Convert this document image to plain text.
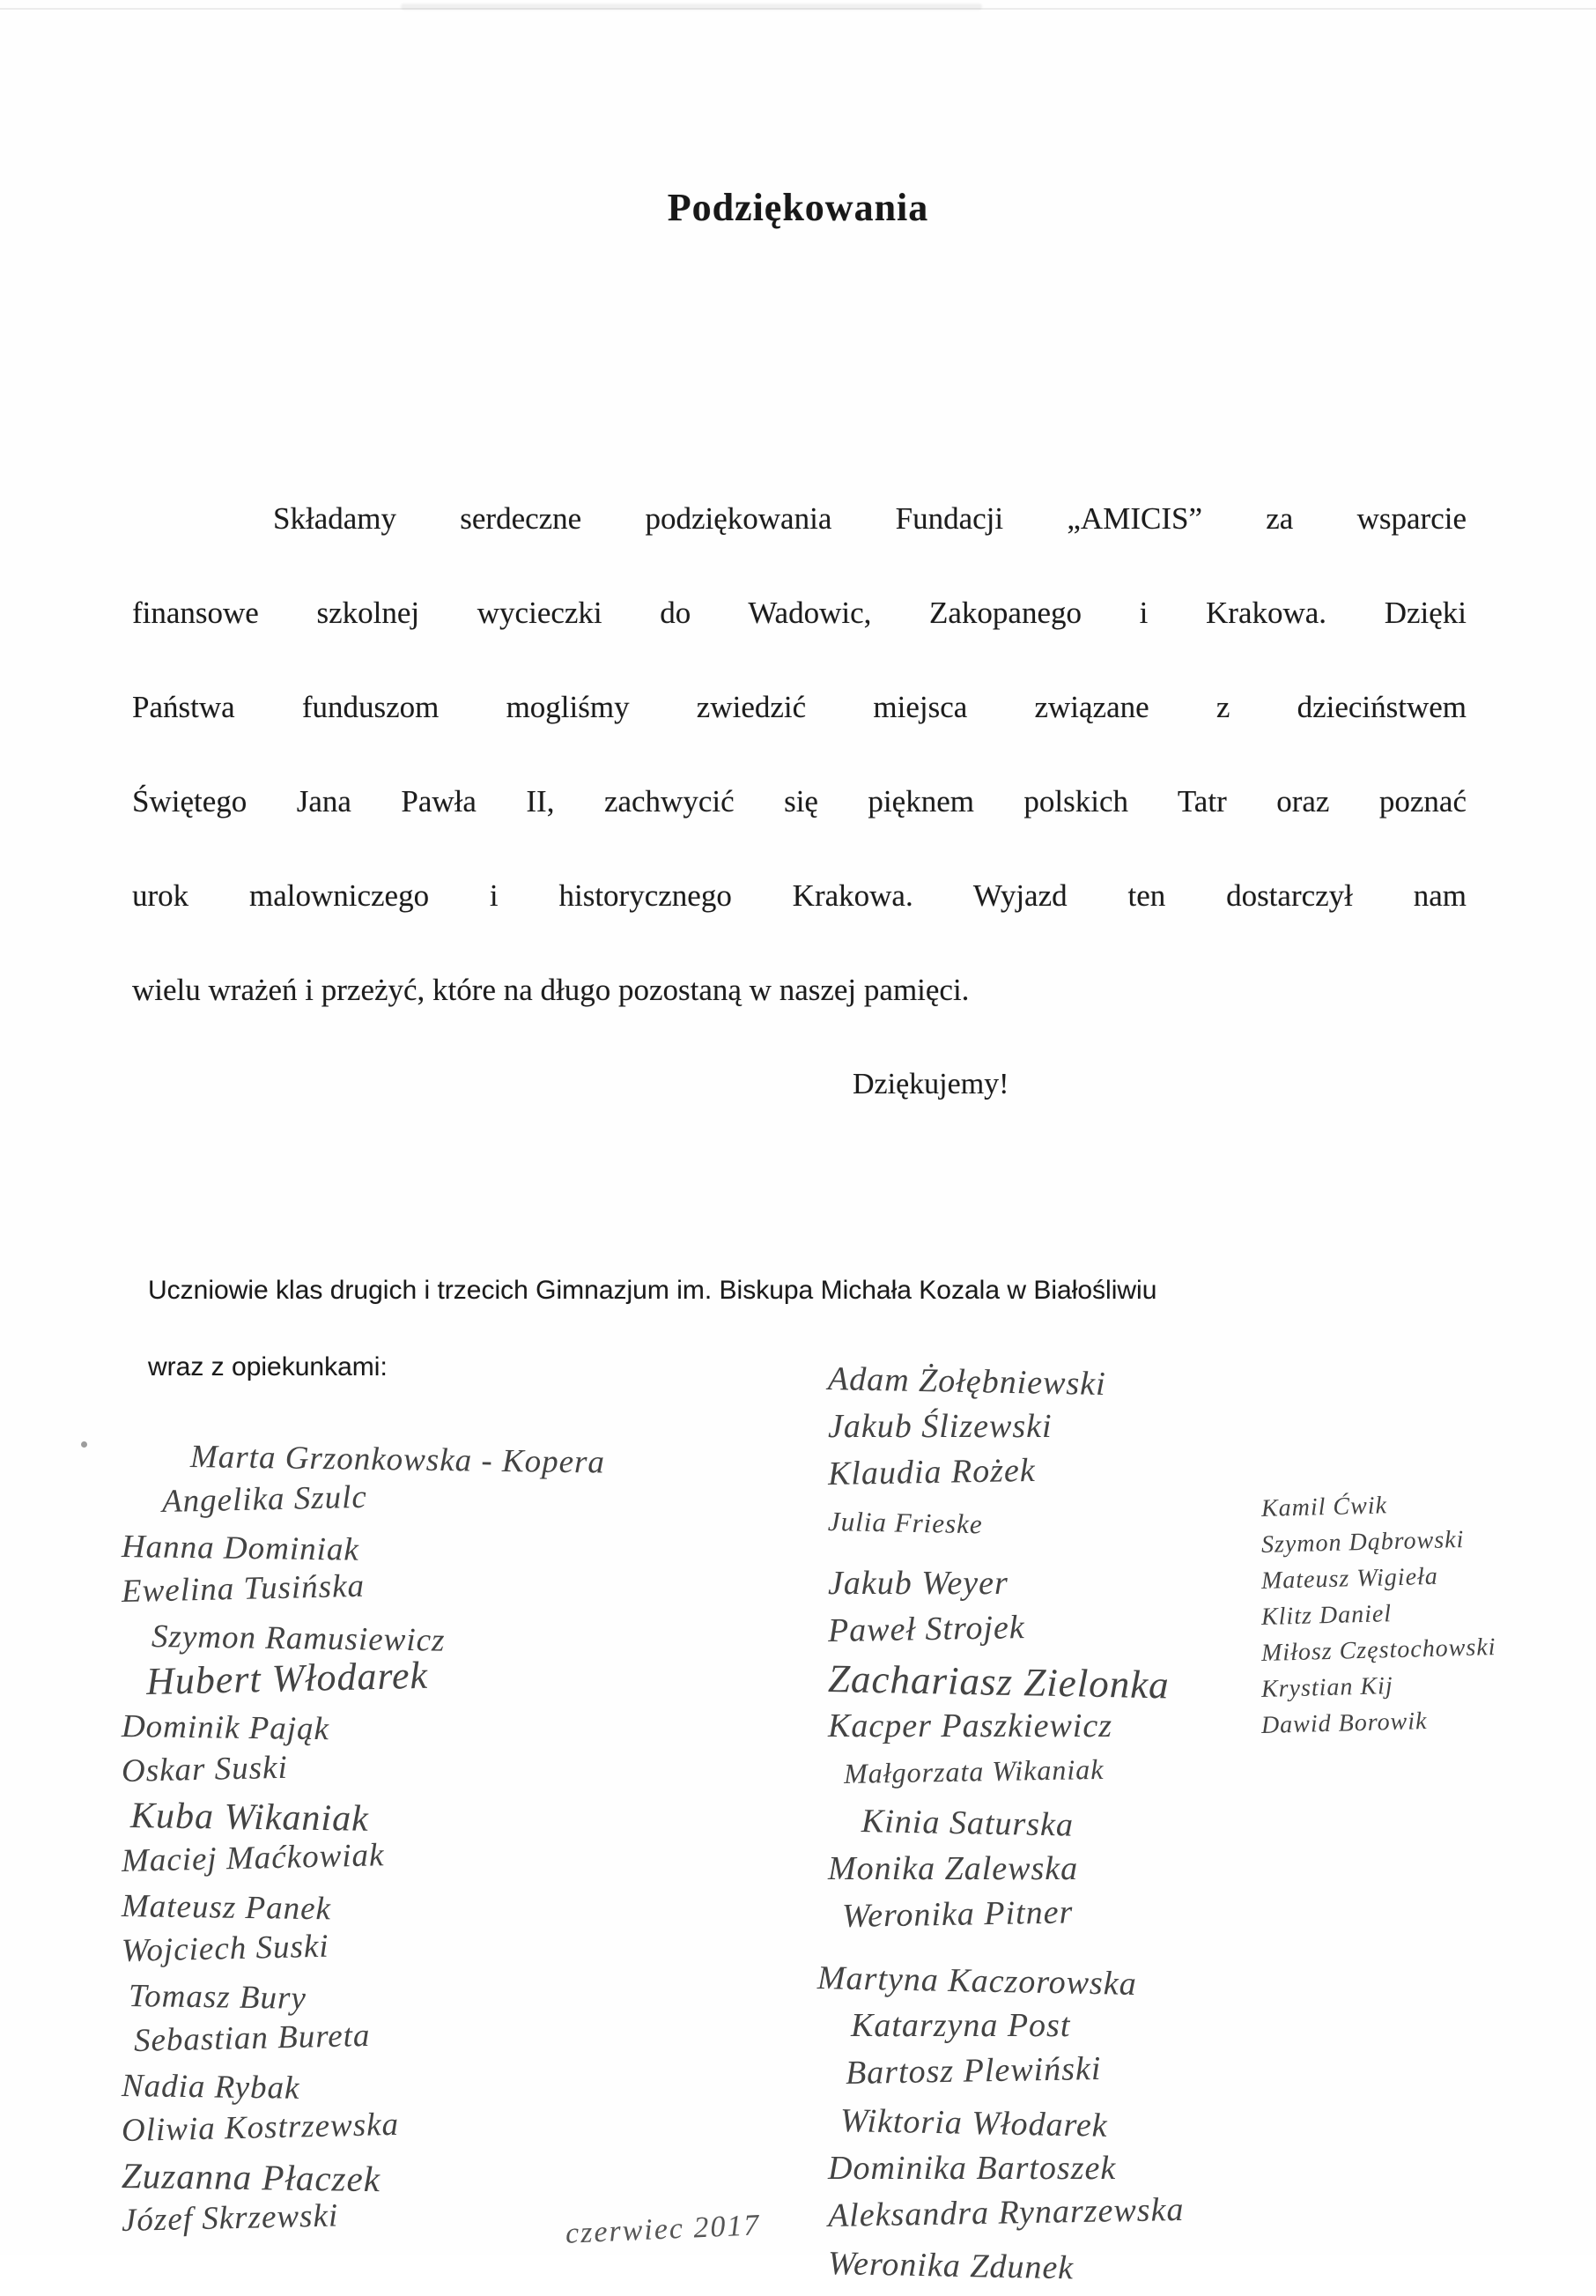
Podziękowania
Składamy serdeczne podziękowania Fundacji „AMICIS” za wsparcie
finansowe szkolnej wycieczki do Wadowic, Zakopanego i Krakowa. Dzięki
Państwa funduszom mogliśmy zwiedzić miejsca związane z dzieciństwem
Świętego Jana Pawła II, zachwycić się pięknem polskich Tatr oraz poznać
urok malowniczego i historycznego Krakowa. Wyjazd ten dostarczył nam
wielu wrażeń i przeżyć, które na długo pozostaną w naszej pamięci.
Dziękujemy!
Uczniowie klas drugich i trzecich Gimnazjum im. Biskupa Michała Kozala w Białośliwiu
wraz z opiekunkami:
Marta Grzonkowska - Kopera
Angelika Szulc
Hanna Dominiak
Ewelina Tusińska
Szymon Ramusiewicz
Hubert Włodarek
Dominik Pająk
Oskar Suski
Kuba Wikaniak
Maciej Maćkowiak
Mateusz Panek
Wojciech Suski
Tomasz Bury
Sebastian Bureta
Nadia Rybak
Oliwia Kostrzewska
Zuzanna Płaczek
Józef Skrzewski
Adam Żołębniewski
Jakub Ślizewski
Klaudia Rożek
Julia Frieske
Jakub Weyer
Paweł Strojek
Zachariasz Zielonka
Kacper Paszkiewicz
Małgorzata Wikaniak
Kinia Saturska
Monika Zalewska
Weronika Pitner
Martyna Kaczorowska
Katarzyna Post
Bartosz Plewiński
Wiktoria Włodarek
Dominika Bartoszek
Aleksandra Rynarzewska
Weronika Zdunek
Kamil Ćwik
Szymon Dąbrowski
Mateusz Wigieła
Klitz Daniel
Miłosz Częstochowski
Krystian Kij
Dawid Borowik
czerwiec 2017
